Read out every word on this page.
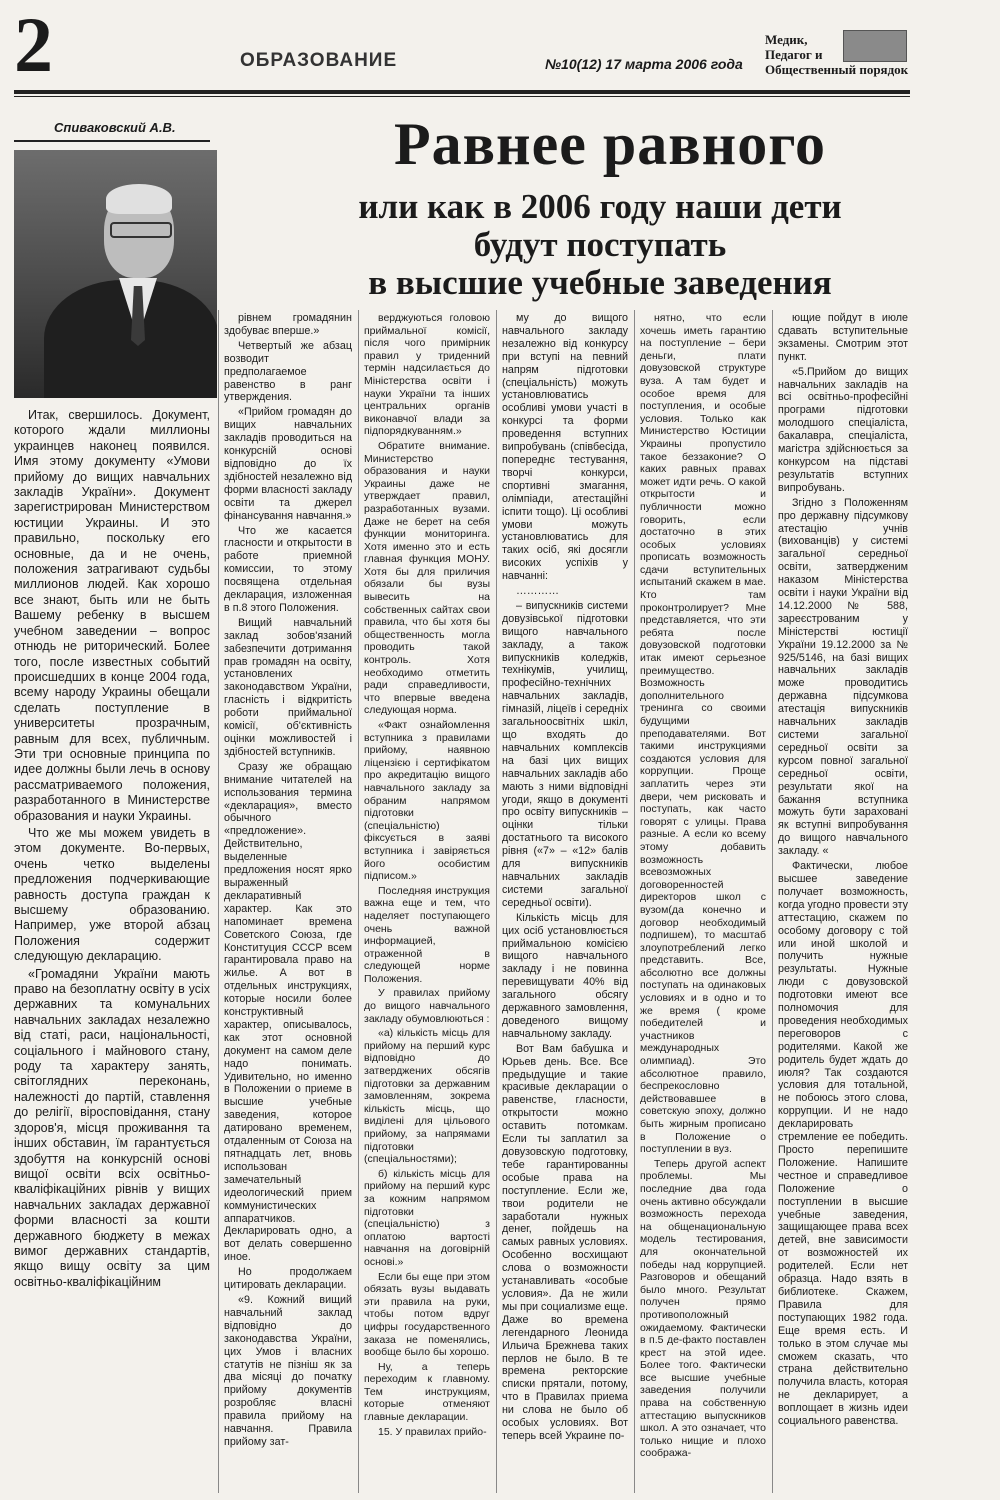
2	ОБРАЗОВАНИЕ	№10(12) 17 марта 2006 года
Медик,
Педагог и
Общественный порядок
Спиваковский А.В.	Равнее равного
или как в 2006 году наши дети
будут поступать
в высшие учебные заведения

Итак, свершилось. Документ, которого ждали миллионы украинцев наконец появился. Имя этому документу «Умови прийому до вищих навчальних закладів України». Документ зарегистрирован Министерством юстиции Украины. И это правильно, поскольку его основные, да и не очень, положения затрагивают судьбы миллионов людей. Как хорошо все знают, быть или не быть Вашему ребенку в высшем учебном заведении – вопрос отнюдь не риторический. Более того, после известных событий происшедших в конце 2004 года, всему народу Украины обещали сделать поступление в университеты прозрачным, равным для всех, публичным. Эти три основные принципа по идее должны были лечь в основу рассматриваемого положения, разработанного в Министерстве образования и науки Украины.

Что же мы можем увидеть в этом документе. Во-первых, очень четко выделены предложения подчеркивающие равность доступа граждан к высшему образованию. Например, уже второй абзац Положения содержит следующую декларацию.

«Громадяни України мають право на безоплатну освіту в усіх державних та комунальних навчальних закладах незалежно від статі, раси, національності, соціального і майнового стану, роду та характеру занять, світоглядних переконань, належності до партій, ставлення до релігії, віросповідання, стану здоров'я, місця проживання та інших обставин, їм гарантується здобуття на конкурсній основі вищої освіти всіх освітньо-кваліфікаційних рівнів у вищих навчальних закладах державної форми власності за кошти державного бюджету в межах вимог державних стандартів, якщо вищу освіту за цим освітньо-кваліфікаційним

рівнем громадянин здобуває вперше.»

Четвертый же абзац возводит предполагаемое равенство в ранг утверждения.

«Прийом громадян до вищих навчальних закладів проводиться на конкурсній основі відповідно до їх здібностей незалежно від форми власності закладу освіти та джерел фінансування навчання.»

Что же касается гласности и открытости в работе приемной комиссии, то этому посвящена отдельная декларация, изложенная в п.8 этого Положения.

Вищий навчальний заклад зобов'язаний забезпечити дотримання прав громадян на освіту, установлених законодавством України, гласність і відкритість роботи приймальної комісії, об'єктивність оцінки можливостей і здібностей вступників.

Сразу же обращаю внимание читателей на использования термина «декларация», вместо обычного «предложение». Действительно, выделенные предложения носят ярко выраженный декларативный характер. Как это напоминает времена Советского Союза, где Конституция СССР всем гарантировала право на жилье. А вот в отдельных инструкциях, которые носили более конструктивный характер, описывалось, как этот основной документ на самом деле надо понимать. Удивительно, но именно в Положении о приеме в высшие учебные заведения, которое датировано временем, отдаленным от Союза на пятнадцать лет, вновь использован замечательный идеологический прием коммунистических аппаратчиков. Декларировать одно, а вот делать совершенно иное.

Но продолжаем цитировать декларации.

«9. Кожний вищий навчальний заклад відповідно до законодавства України, цих Умов і власних статутів не пізніш як за два місяці до початку прийому документів розробляє власні правила прийому на навчання. Правила прийому зат-

верджуються головою приймальної комісії, після чого примірник правил у триденний термін надсилається до Міністерства освіти і науки України та інших центральних органів виконавчої влади за підпорядкуванням.»

Обратите внимание. Министерство образования и науки Украины даже не утверждает правил, разработанных вузами. Даже не берет на себя функции мониторинга. Хотя именно это и есть главная функция МОНУ. Хотя бы для приличия обязали бы вузы вывесить на собственных сайтах свои правила, что бы хотя бы общественность могла проводить такой контроль. Хотя необходимо отметить ради справедливости, что впервые введена следующая норма.

«Факт ознайомлення вступника з правилами прийому, наявною ліцензією і сертифікатом про акредитацію вищого навчального закладу за обраним напрямом підготовки (спеціальністю) фіксується в заяві вступника і завіряється його особистим підписом.»

Последняя инструкция важна еще и тем, что наделяет поступающего очень важной информацией, отраженной в следующей норме Положения.

У правилах прийому до вищого навчального закладу обумовлюються :

«а) кількість місць для прийому на перший курс відповідно до затверджених обсягів підготовки за державним замовленням, зокрема кількість місць, що виділені для цільового прийому, за напрямами підготовки (спеціальностями);

б) кількість місць для прийому на перший курс за кожним напрямом підготовки (спеціальністю) з оплатою вартості навчання на договірній основі.»

Если бы еще при этом обязать вузы выдавать эти правила на руки, чтобы потом вдруг цифры государственного заказа не поменялись, вообще было бы хорошо.

Ну, а теперь переходим к главному. Тем инструкциям, которые отменяют главные декларации.

15. У правилах прийо-

му до вищого навчального закладу незалежно від конкурсу при вступі на певний напрям підготовки (спеціальність) можуть установлюватись особливі умови участі в конкурсі та форми проведення вступних випробувань (співбесіда, попереднє тестування, творчі конкурси, спортивні змагання, олімпіади, атестаційні іспити тощо). Ці особливі умови можуть установлюватись для таких осіб, які досягли високих успіхів у навчанні:

…………

– випускників системи довузівської підготовки вищого навчального закладу, а також випускників коледжів, технікумів, училищ, професійно-технічних навчальних закладів, гімназій, ліцеїв і середніх загальноосвітніх шкіл, що входять до навчальних комплексів на базі цих вищих навчальних закладів або мають з ними відповідні угоди, якщо в документі про освіту випускників – оцінки тільки достатнього та високого рівня («7» – «12» балів для випускників навчальних закладів системи загальної середньої освіти).

Кількість місць для цих осіб установлюється приймальною комісією вищого навчального закладу і не повинна перевищувати 40% від загального обсягу державного замовлення, доведеного вищому навчальному закладу.

Вот Вам бабушка и Юрьев день. Все. Все предыдущие и такие красивые декларации о равенстве, гласности, открытости можно оставить потомкам. Если ты заплатил за довузовскую подготовку, тебе гарантированны особые права на поступление. Если же, твои родители не заработали нужных денег, пойдешь на самых равных условиях. Особенно восхищают слова о возможности устанавливать «особые условия». Да не жили мы при социализме еще. Даже во времена легендарного Леонида Ильича Брежнева таких перлов не было. В те времена ректорские списки прятали, потому, что в Правилах приема ни слова не было об особых условиях. Вот теперь всей Украине по-

нятно, что если хочешь иметь гарантию на поступление – бери деньги, плати довузовской структуре вуза. А там будет и особое время для поступления, и особые условия. Только как Министерство Юстиции Украины пропустило такое беззаконие? О каких равных правах может идти речь. О какой открытости и публичности можно говорить, если достаточно в этих особых условиях прописать возможность сдачи вступительных испытаний скажем в мае. Кто там проконтролирует? Мне представляется, что эти ребята после довузовской подготовки итак имеют серьезное преимущество. Возможность дополнительного тренинга со своими будущими преподавателями. Вот такими инструкциями создаются условия для коррупции. Проще заплатить через эти двери, чем рисковать и поступать, как часто говорят с улицы. Права разные. А если ко всему этому добавить возможность всевозможных договоренностей директоров школ с вузом(да конечно и договор необходимый подпишем), то масштаб злоупотреблений легко представить. Все, абсолютно все должны поступать на одинаковых условиях и в одно и то же время ( кроме победителей и участников международных олимпиад). Это абсолютное правило, беспрекословно действовавшее в советскую эпоху, должно быть жирным прописано в Положение о поступлении в вуз.

Теперь другой аспект проблемы. Мы последние два года очень активно обсуждали возможность перехода на общенациональную модель тестирования, для окончательной победы над коррупцией. Разговоров и обещаний было много. Результат получен прямо противоположный ожидаемому. Фактически в п.5 де-факто поставлен крест на этой идее. Более того. Фактически все высшие учебные заведения получили права на собственную аттестацию выпускников школ. А это означает, что только нищие и плохо сообража-

ющие пойдут в июле сдавать вступительные экзамены. Смотрим этот пункт.

«5.Прийом до вищих навчальних закладів на всі освітньо-професійні програми підготовки молодшого спеціаліста, бакалавра, спеціаліста, магістра здійснюється за конкурсом на підставі результатів вступних випробувань.

Згідно з Положенням про державну підсумкову атестацію учнів (вихованців) у системі загальної середньої освіти, затвердженим наказом Міністерства освіти і науки України від 14.12.2000 № 588, зареєстрованим у Міністерстві юстиції України 19.12.2000 за № 925/5146, на базі вищих навчальних закладів може проводитись державна підсумкова атестація випускників навчальних закладів системи загальної середньої освіти за курсом повної загальної середньої освіти, результати якої на бажання вступника можуть бути зараховані як вступні випробування до вищого навчального закладу. «

Фактически, любое высшее заведение получает возможность, когда угодно провести эту аттестацию, скажем по особому договору с той или иной школой и получить нужные результаты. Нужные люди с довузовской подготовки имеют все полномочия для проведения необходимых переговоров с родителями. Какой же родитель будет ждать до июля? Так создаются условия для тотальной, не побоюсь этого слова, коррупции. И не надо декларировать стремление ее победить. Просто перепишите Положение. Напишите честное и справедливое Положение о поступлении в высшие учебные заведения, защищающее права всех детей, вне зависимости от возможностей их родителей. Если нет образца. Надо взять в библиотеке. Скажем, Правила для поступающих 1982 года. Еще время есть. И только в этом случае мы сможем сказать, что страна действительно получила власть, которая не декларирует, а воплощает в жизнь идеи социального равенства.
